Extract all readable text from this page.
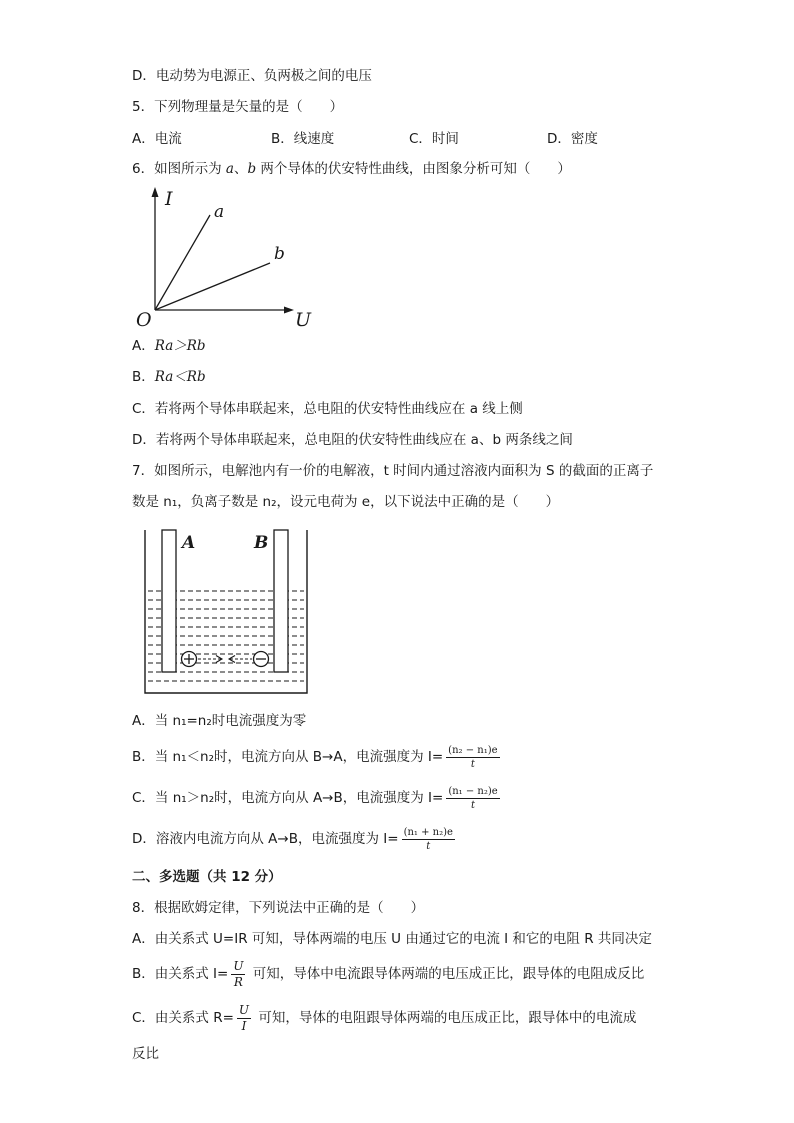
D．电动势为电源正、负两极之间的电压
5．下列物理量是矢量的是（　　）
A．电流	B．线速度	C．时间	D．密度
6．如图所示为 a、b 两个导体的伏安特性曲线，由图象分析可知（　　）
I
a
b
O	U
A．Ra＞Rb
B．Ra＜Rb
C．若将两个导体串联起来，总电阻的伏安特性曲线应在 a 线上侧
D．若将两个导体串联起来，总电阻的伏安特性曲线应在 a、b 两条线之间
7．如图所示，电解池内有一价的电解液，t 时间内通过溶液内面积为 S 的截面的正离子
数是 n₁，负离子数是 n₂，设元电荷为 e，以下说法中正确的是（　　）
A	B
A．当 n₁=n₂时电流强度为零
B．当 n₁＜n₂时，电流方向从 B→A，电流强度为 $I= \frac{\text{(n₂ − n₁)e}}{t}$
C．当 n₁＞n₂时，电流方向从 A→B，电流强度为 $I= \frac{\text{(n₁ − n₂)e}}{t}$
D．溶液内电流方向从 A→B，电流强度为 $I= \frac{\text{(n₁ + n₂)e}}{t}$
二、多选题（共 12 分）
8．根据欧姆定律，下列说法中正确的是（　　）
A．由关系式 U=IR 可知，导体两端的电压 U 由通过它的电流 I 和它的电阻 R 共同决定
B．由关系式 $I= \frac{U}{R}$ 可知，导体中电流跟导体两端的电压成正比，跟导体的电阻成反比
C．由关系式 $R= \frac{U}{I}$ 可知，导体的电阻跟导体两端的电压成正比，跟导体中的电流成
反比
